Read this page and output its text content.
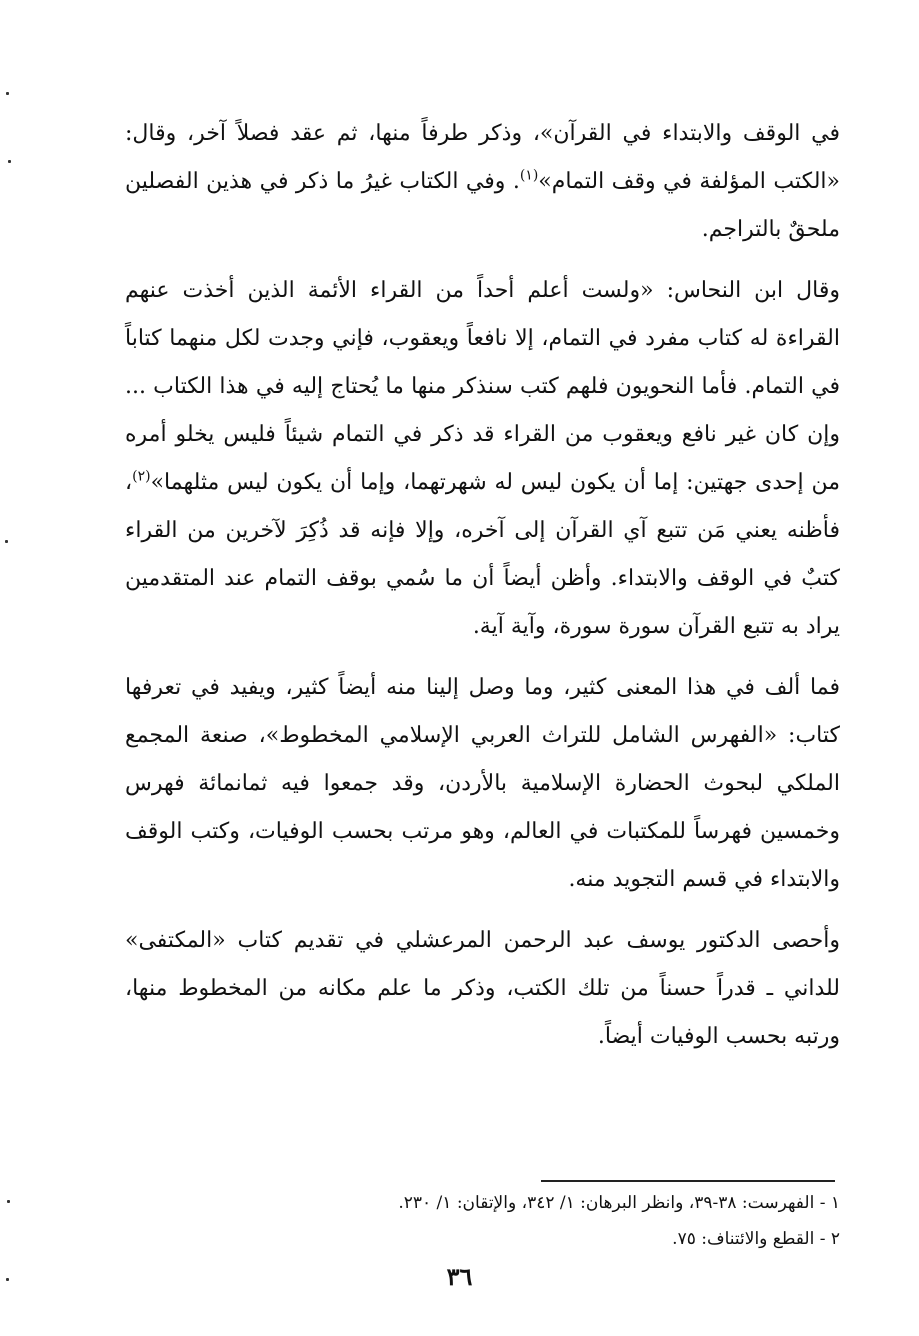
في الوقف والابتداء في القرآن»، وذكر طرفاً منها، ثم عقد فصلاً آخر، وقال: «الكتب المؤلفة في وقف التمام»$^{(١)}$. وفي الكتاب غيرُ ما ذكر في هذين الفصلين ملحقٌ بالتراجم.

وقال ابن النحاس: «ولست أعلم أحداً من القراء الأئمة الذين أخذت عنهم القراءة له كتاب مفرد في التمام، إلا نافعاً ويعقوب، فإني وجدت لكل منهما كتاباً في التمام. فأما النحويون فلهم كتب سنذكر منها ما يُحتاج إليه في هذا الكتاب ... وإن كان غير نافع ويعقوب من القراء قد ذكر في التمام شيئاً فليس يخلو أمره من إحدى جهتين: إما أن يكون ليس له شهرتهما، وإما أن يكون ليس مثلهما»$^{(٢)}$، فأظنه يعني مَن تتبع آي القرآن إلى آخره، وإلا فإنه قد ذُكِرَ لآخرين من القراء كتبٌ في الوقف والابتداء. وأظن أيضاً أن ما سُمي بوقف التمام عند المتقدمين يراد به تتبع القرآن سورة سورة، وآية آية.

فما ألف في هذا المعنى كثير، وما وصل إلينا منه أيضاً كثير، ويفيد في تعرفها كتاب: «الفهرس الشامل للتراث العربي الإسلامي المخطوط»، صنعة المجمع الملكي لبحوث الحضارة الإسلامية بالأردن، وقد جمعوا فيه ثمانمائة فهرس وخمسين فهرساً للمكتبات في العالم، وهو مرتب بحسب الوفيات، وكتب الوقف والابتداء في قسم التجويد منه.

وأحصى الدكتور يوسف عبد الرحمن المرعشلي في تقديم كتاب «المكتفى» للداني ـ قدراً حسناً من تلك الكتب، وذكر ما علم مكانه من المخطوط منها، ورتبه بحسب الوفيات أيضاً.

١ - الفهرست: ٣٨-٣٩، وانظر البرهان: ١/ ٣٤٢، والإتقان: ١/ ٢٣٠.
٢ - القطع والائتناف: ٧٥.
٣٦
